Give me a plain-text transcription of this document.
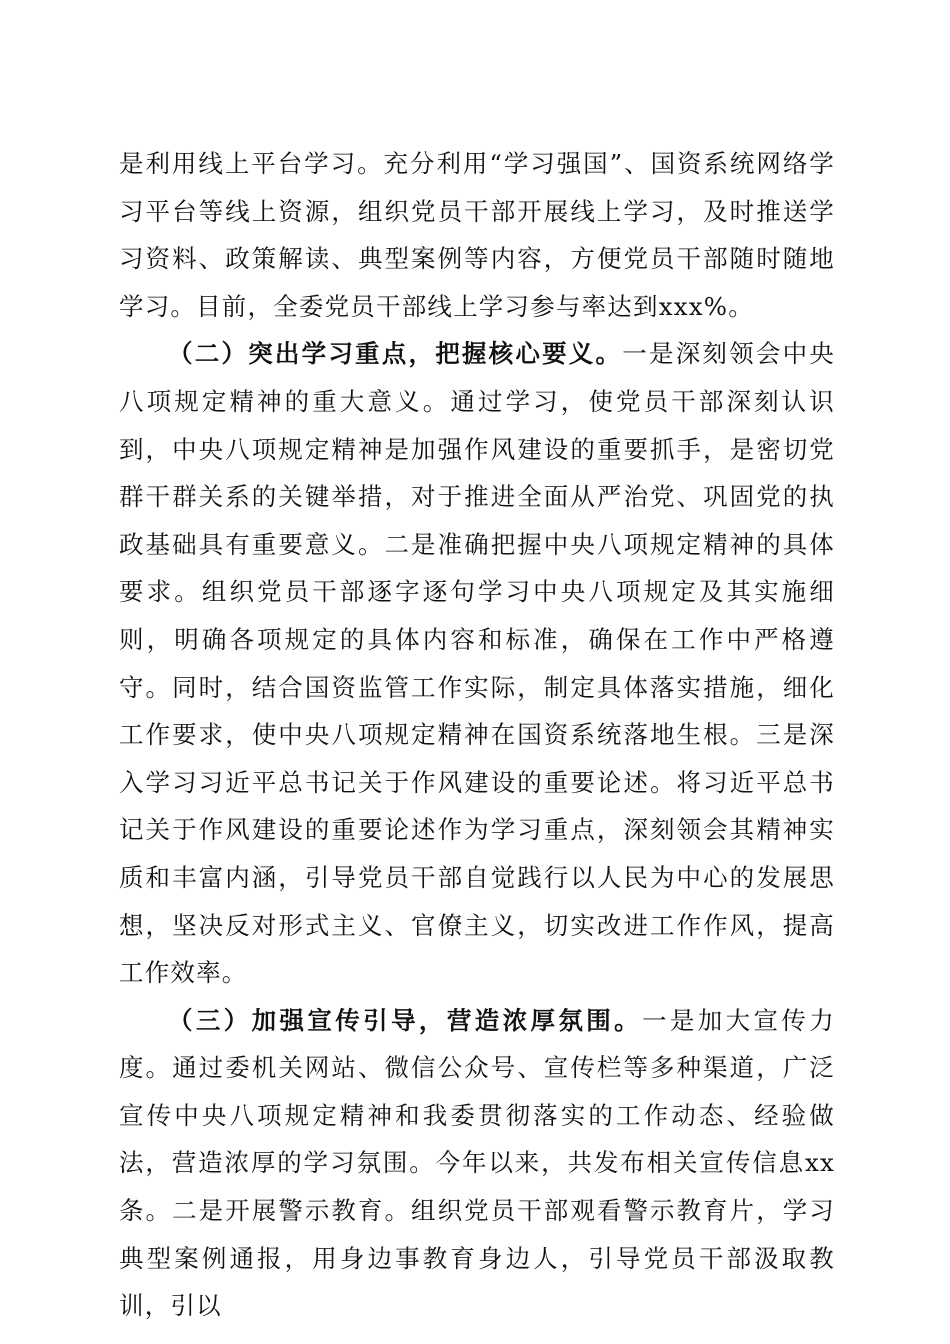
是利用线上平台学习。充分利用“学习强国”、国资系统网络学习平台等线上资源，组织党员干部开展线上学习，及时推送学习资料、政策解读、典型案例等内容，方便党员干部随时随地学习。目前，全委党员干部线上学习参与率达到xxx%。

（二）突出学习重点，把握核心要义。一是深刻领会中央八项规定精神的重大意义。通过学习，使党员干部深刻认识到，中央八项规定精神是加强作风建设的重要抓手，是密切党群干群关系的关键举措，对于推进全面从严治党、巩固党的执政基础具有重要意义。二是准确把握中央八项规定精神的具体要求。组织党员干部逐字逐句学习中央八项规定及其实施细则，明确各项规定的具体内容和标准，确保在工作中严格遵守。同时，结合国资监管工作实际，制定具体落实措施，细化工作要求，使中央八项规定精神在国资系统落地生根。三是深入学习习近平总书记关于作风建设的重要论述。将习近平总书记关于作风建设的重要论述作为学习重点，深刻领会其精神实质和丰富内涵，引导党员干部自觉践行以人民为中心的发展思想，坚决反对形式主义、官僚主义，切实改进工作作风，提高工作效率。

（三）加强宣传引导，营造浓厚氛围。一是加大宣传力度。通过委机关网站、微信公众号、宣传栏等多种渠道，广泛宣传中央八项规定精神和我委贯彻落实的工作动态、经验做法，营造浓厚的学习氛围。今年以来，共发布相关宣传信息xx条。二是开展警示教育。组织党员干部观看警示教育片，学习典型案例通报，用身边事教育身边人，引导党员干部汲取教训，引以
